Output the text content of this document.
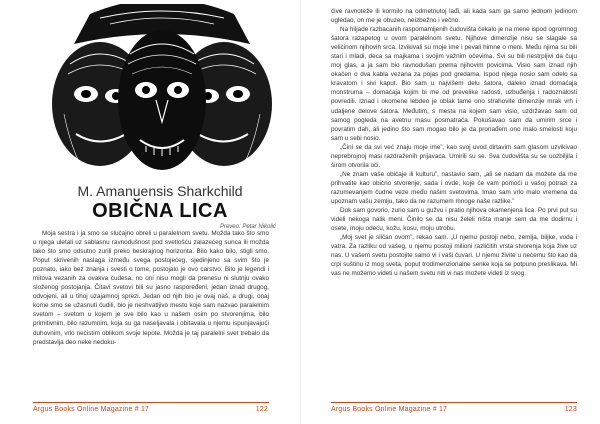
M. Amanuensis Sharkchild
OBIČNA LICA
Prevео: Petar Nikolić

Moja sestra i ja smo se slučajno obreli u paralelnom svetu. Možda tako što smo u njega uletali uz sablasnu ravnodušnost pod svetlošću zalazećeg sunca ili možda tako što smo odsutno zurili preko beskrajnog horizonta. Bilo kako bilo, stigli smo. Poput skrivenih naslaga između svega postojećeg, sjedinjeno sa svim što je poznato, iako bez znanja i svesti o tome, postojalo je ovo carstvo. Bilo je legendi i mitova vezanih za ovakva čudesa, no oni nisu mogli da prenesu ni slutnju ovako složenog postojanja. Čitavi svetovi bili su jasno raspoređeni, jedan iznad drugog, odvojeni, ali u tihoj uzajamnoj sprezi. Jedan od njih bio je ovaj naš, a drugi, onaj kome smo se užasnuti čudili, bio je neshvatljivo mesto koje sam nazvao paralelnim svetom – svetom u kojem je sve bilo kao u našem osim po stvorenjima, bilo primitivnim, bilo razumnim, koja su ga naseljavala i obitavala u njemu ispunjavajući duhovnim, vrlo nečistim oblikom svoje lepote. Možda je taj paralelni svet trebalo da predstavlja deo neke nedoku-

Argus Books Online Magazine # 17	122

čive ravnoteže ili kormilo na odmetnutoj lađi, ali kada sam ga samo jednom jedinom ugledao, on me je obuzeo, neizbežno i večno.

Na hiljade razbacanih raspomamljenih čudovišta čekalo je na mene ispod ogromnog šatora razapetog u ovom paralelnom svetu. Njihove dimenzije nisu se slagale sa veličinom njihovih srca. Izvikivali su moje ime i pevali himne o meni. Među njima su bili stari i mladi, deca sa majkama i svojim važnim očevima. Svi su bili nestrpljivi da čuju moj glas, a ja sam bio ravnodušan prema njihovim povicima. Visio sam iznad njih okačen o dva kabla vezana za pojas pod gredama. Ispod njega nosio sam odelo sa kravatom i sivi kaput. Bio sam u najvišem delu šatora, daleko iznad domaćaja monstruma – domaćaja kojim bi me od prevelike radosti, uzbuđenja i radoznalosti povredili. Iznad i okomene lebdeo je oblak tame ono strahovite dimenzije mrak vrh i udaljene delove šatora. Međutim, s mesta na kojem sam visio, uzdržavao sam od samog pogleda na avetnu masu posmatrača. Pokušavao sam da umirim srce i povratim dah, ali jedino što sam mogao bilo je da pronađem ono malo smelosti koju sam u sebi nosio.

„Čini se da svi već znaju moje ime”, kao svoj uvod dirtavim sam glasom uzvikivao neprebrojnoj masi razdraženih prijavaca. Umirili su se. Sva čudovišta su se uozbiljila i širom otvorila oči.

„Ne znam vaše običaje ili kulturu”, nastavio sam, „ali se nadam da možete da me prihvatite kao običnо stvorenje, sada i ovde, koje će vam pomoći u vašoj potrazi za razumevanjem čudne veze među našim svetovima. Imao sam vrlo malo vremena da upoznam vašu zemlju, tako da ne razumem mnoge naše razlike.”

Dok sam govorio, zuriо sam u gužvu i pratio njihova okamenjena lica. Po prvi put su videli nekoga nalik meni. Činilo se da nisu želeli ništa manje sem da me dodirnu i osete, moju odeću, kožu, kosu, moju utrobu.

„Moj svet je sličan ovom”, rekao sam. „U njemu postoji nebo, zemlja, biljke, voda i vatra. Za razliku od vašeg, u njemu postoji milioni različitih vrsta stvorenja koja žive uz nas. U vašem svetu postojite samo vi i vaši čuvari. U njemu živite u nečemu što kao da crpi suštinu iz mog sveta, poput trodimenzionalne senke koja se potpuno preslikava. Mi vas ne možemo videti u našem svetu niti vi nas možete videti iz svog.

Argus Books Online Magazine # 17	123
